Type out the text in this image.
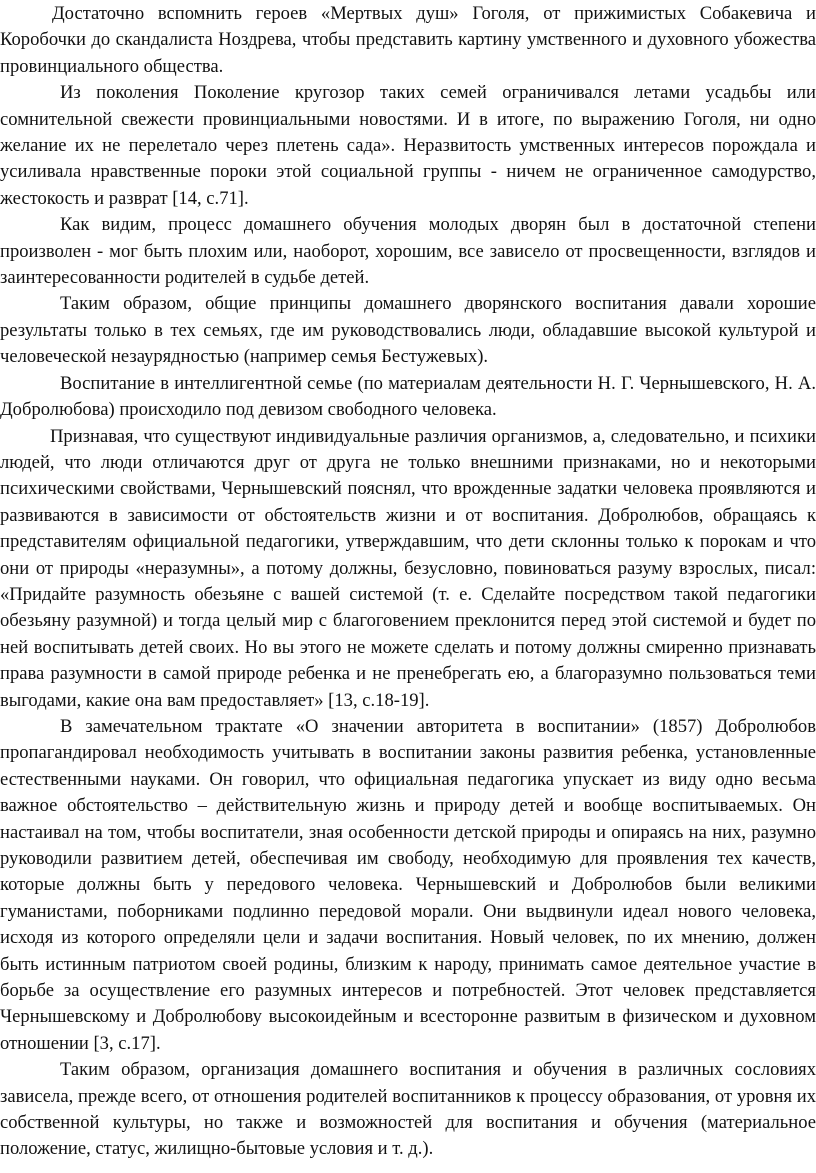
Достаточно вспомнить героев «Мертвых душ» Гоголя, от прижимистых Собакевича и Коробочки до скандалиста Ноздрева, чтобы представить картину умственного и духовного убожества провинциального общества.

Из поколения Поколение кругозор таких семей ограничивался летами усадьбы или сомнительной свежести провинциальными новостями. И в итоге, по выражению Гоголя, ни одно желание их не перелетало через плетень сада». Неразвитость умственных интересов порождала и усиливала нравственные пороки этой социальной группы - ничем не ограниченное самодурство, жестокость и разврат [14, с.71].

Как видим, процесс домашнего обучения молодых дворян был в достаточной степени произволен - мог быть плохим или, наоборот, хорошим, все зависело от просвещенности, взглядов и заинтересованности родителей в судьбе детей.

Таким образом, общие принципы домашнего дворянского воспитания давали хорошие результаты только в тех семьях, где им руководствовались люди, обладавшие высокой культурой и человеческой незаурядностью (например семья Бестужевых).

Воспитание в интеллигентной семье (по материалам деятельности Н. Г. Чернышевского, Н. А. Добролюбова) происходило под девизом свободного человека.

Признавая, что существуют индивидуальные различия организмов, а, следовательно, и психики людей, что люди отличаются друг от друга не только внешними признаками, но и некоторыми психическими свойствами, Чернышевский пояснял, что врожденные задатки человека проявляются и развиваются в зависимости от обстоятельств жизни и от воспитания. Добролюбов, обращаясь к представителям официальной педагогики, утверждавшим, что дети склонны только к порокам и что они от природы «неразумны», а потому должны, безусловно, повиноваться разуму взрослых, писал: «Придайте разумность обезьяне с вашей системой (т. е. Сделайте посредством такой педагогики обезьяну разумной) и тогда целый мир с благоговением преклонится перед этой системой и будет по ней воспитывать детей своих. Но вы этого не можете сделать и потому должны смиренно признавать права разумности в самой природе ребенка и не пренебрегать ею, а благоразумно пользоваться теми выгодами, какие она вам предоставляет» [13, с.18-19].

В замечательном трактате «О значении авторитета в воспитании» (1857) Добролюбов пропагандировал необходимость учитывать в воспитании законы развития ребенка, установленные естественными науками. Он говорил, что официальная педагогика упускает из виду одно весьма важное обстоятельство – действительную жизнь и природу детей и вообще воспитываемых. Он настаивал на том, чтобы воспитатели, зная особенности детской природы и опираясь на них, разумно руководили развитием детей, обеспечивая им свободу, необходимую для проявления тех качеств, которые должны быть у передового человека. Чернышевский и Добролюбов были великими гуманистами, поборниками подлинно передовой морали. Они выдвинули идеал нового человека, исходя из которого определяли цели и задачи воспитания. Новый человек, по их мнению, должен быть истинным патриотом своей родины, близким к народу, принимать самое деятельное участие в борьбе за осуществление его разумных интересов и потребностей. Этот человек представляется Чернышевскому и Добролюбову высокоидейным и всесторонне развитым в физическом и духовном отношении [3, с.17].

Таким образом, организация домашнего воспитания и обучения в различных сословиях зависела, прежде всего, от отношения родителей воспитанников к процессу образования, от уровня их собственной культуры, но также и возможностей для воспитания и обучения (материальное положение, статус, жилищно-бытовые условия и т. д.).
